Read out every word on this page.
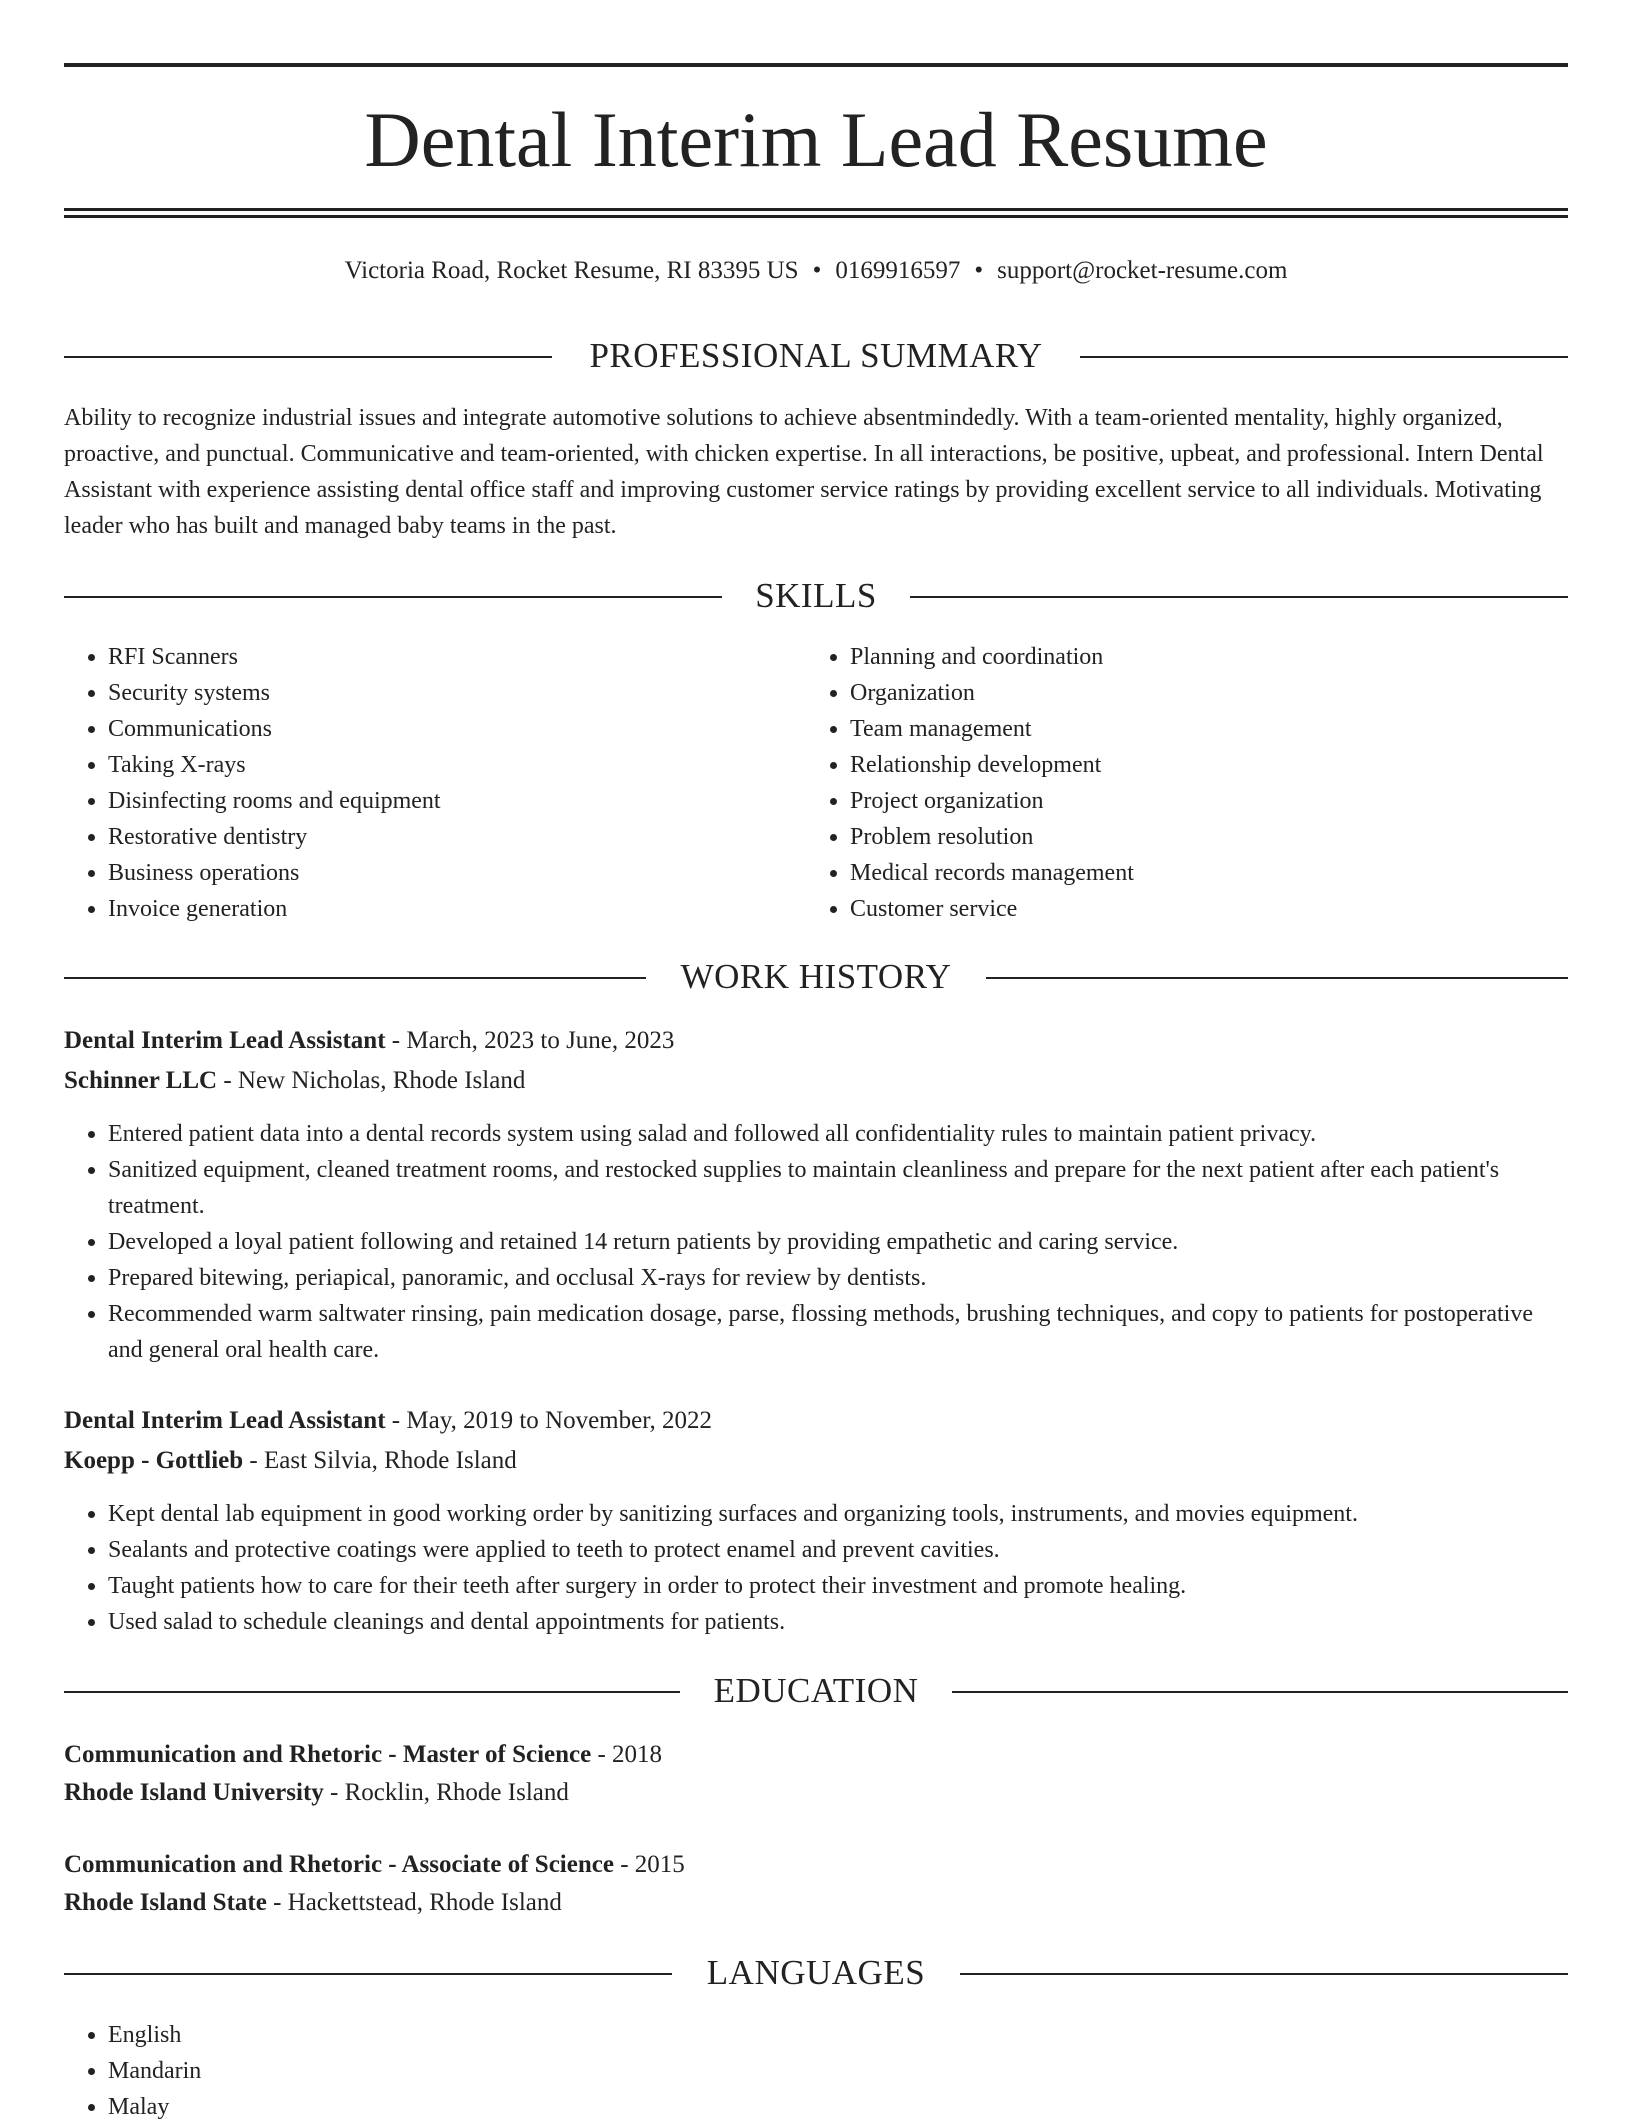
Dental Interim Lead Resume
Victoria Road, Rocket Resume, RI 83395 US • 0169916597 • support@rocket-resume.com
PROFESSIONAL SUMMARY

Ability to recognize industrial issues and integrate automotive solutions to achieve absentmindedly. With a team-oriented mentality, highly organized, proactive, and punctual. Communicative and team-oriented, with chicken expertise. In all interactions, be positive, upbeat, and professional. Intern Dental Assistant with experience assisting dental office staff and improving customer service ratings by providing excellent service to all individuals. Motivating leader who has built and managed baby teams in the past.

SKILLS
• RFI Scanners
• Security systems
• Communications
• Taking X-rays
• Disinfecting rooms and equipment
• Restorative dentistry
• Business operations
• Invoice generation
• Planning and coordination
• Organization
• Team management
• Relationship development
• Project organization
• Problem resolution
• Medical records management
• Customer service
WORK HISTORY
Dental Interim Lead Assistant - March, 2023 to June, 2023
Schinner LLC - New Nicholas, Rhode Island
• Entered patient data into a dental records system using salad and followed all confidentiality rules to maintain patient privacy.
• Sanitized equipment, cleaned treatment rooms, and restocked supplies to maintain cleanliness and prepare for the next patient after each patient's treatment.
• Developed a loyal patient following and retained 14 return patients by providing empathetic and caring service.
• Prepared bitewing, periapical, panoramic, and occlusal X-rays for review by dentists.
• Recommended warm saltwater rinsing, pain medication dosage, parse, flossing methods, brushing techniques, and copy to patients for postoperative and general oral health care.
Dental Interim Lead Assistant - May, 2019 to November, 2022
Koepp - Gottlieb - East Silvia, Rhode Island
• Kept dental lab equipment in good working order by sanitizing surfaces and organizing tools, instruments, and movies equipment.
• Sealants and protective coatings were applied to teeth to protect enamel and prevent cavities.
• Taught patients how to care for their teeth after surgery in order to protect their investment and promote healing.
• Used salad to schedule cleanings and dental appointments for patients.
EDUCATION
Communication and Rhetoric - Master of Science - 2018
Rhode Island University - Rocklin, Rhode Island
Communication and Rhetoric - Associate of Science - 2015
Rhode Island State - Hackettstead, Rhode Island
LANGUAGES
• English
• Mandarin
• Malay
